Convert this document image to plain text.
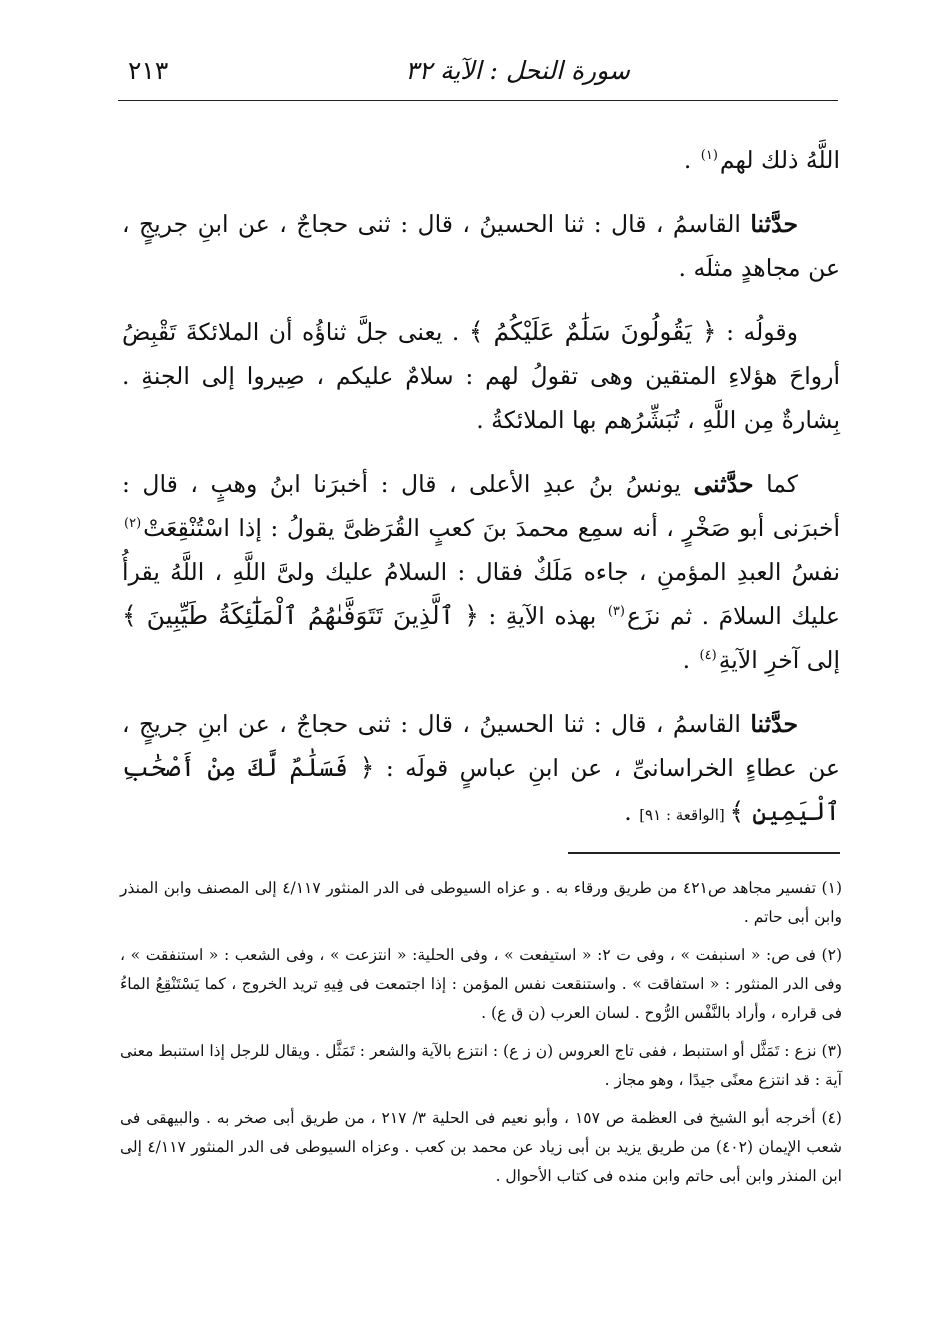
سورة النحل : الآية ٣٢
٢١٣

اللَّهُ ذلك لهم$^{(١)}$ .

حدَّثنا القاسمُ ، قال : ثنا الحسينُ ، قال : ثنى حجاجٌ ، عن ابنِ جريجٍ ، عن مجاهدٍ مثلَه .

وقولُه : ﴿ يَقُولُونَ سَلَٰمٌ عَلَيْكُمُ ﴾ . يعنى جلَّ ثناؤُه أن الملائكةَ تَقْبِضُ أرواحَ هؤلاءِ المتقين وهى تقولُ لهم : سلامٌ عليكم ، صِيروا إلى الجنةِ . بِشارةٌ مِن اللَّهِ ، تُبَشِّرُهم بها الملائكةُ .

كما حدَّثنى يونسُ بنُ عبدِ الأعلى ، قال : أخبرَنا ابنُ وهبٍ ، قال : أخبرَنى أبو صَخْرٍ ، أنه سمِع محمدَ بنَ كعبٍ القُرَظىَّ يقولُ : إذا اسْتُنْقِعَتْ$^{(٢)}$ نفسُ العبدِ المؤمنِ ، جاءه مَلَكٌ فقال : السلامُ عليك ولىَّ اللَّهِ ، اللَّهُ يقرأُ عليك السلامَ . ثم نزَع$^{(٣)}$ بهذه الآيةِ : ﴿ ٱلَّذِينَ تَتَوَفَّىٰهُمُ ٱلْمَلَٰٓئِكَةُ طَيِّبِينَ ﴾ إلى آخرِ الآيةِ$^{(٤)}$ .

حدَّثنا القاسمُ ، قال : ثنا الحسينُ ، قال : ثنى حجاجٌ ، عن ابنِ جريجٍ ، عن عطاءٍ الخراسانىِّ ، عن ابنِ عباسٍ قولَه : ﴿ فَسَلَٰمٌ لَّكَ مِنْ أَصْحَٰبِ ٱلْيَمِينِ ﴾ [الواقعة : ٩١] .

(١) تفسير مجاهد ص٤٢١ من طريق ورقاء به . و عزاه السيوطى فى الدر المنثور ٤/١١٧ إلى المصنف وابن المنذر وابن أبى حاتم .

(٢) فى ص: « اسنبفت » ، وفى ت ٢: « استيفعت » ، وفى الحلية: « انتزعت » ، وفى الشعب : « استنفقت » ، وفى الدر المنثور : « استفاقت » . واستنقعت نفس المؤمن : إذا اجتمعت فى فِيهِ تريد الخروج ، كما يَسْتَنْقِعُ الماءُ فى قراره ، وأراد بالنَّفْس الرُّوح . لسان العرب (ن ق ع) .

(٣) نزع : تَمَثَّل أو استنبط ، ففى تاج العروس (ن ز ع) : انتزع بالآية والشعر : تَمَثَّل . ويقال للرجل إذا استنبط معنى آية : قد انتزع معنًى جيدًا ، وهو مجاز .

(٤) أخرجه أبو الشيخ فى العظمة ص ١٥٧ ، وأبو نعيم فى الحلية ٣/ ٢١٧ ، من طريق أبى صخر به . والبيهقى فى شعب الإيمان (٤٠٢) من طريق يزيد بن أبى زياد عن محمد بن كعب . وعزاه السيوطى فى الدر المنثور ٤/١١٧ إلى ابن المنذر وابن أبى حاتم وابن منده فى كتاب الأحوال .
